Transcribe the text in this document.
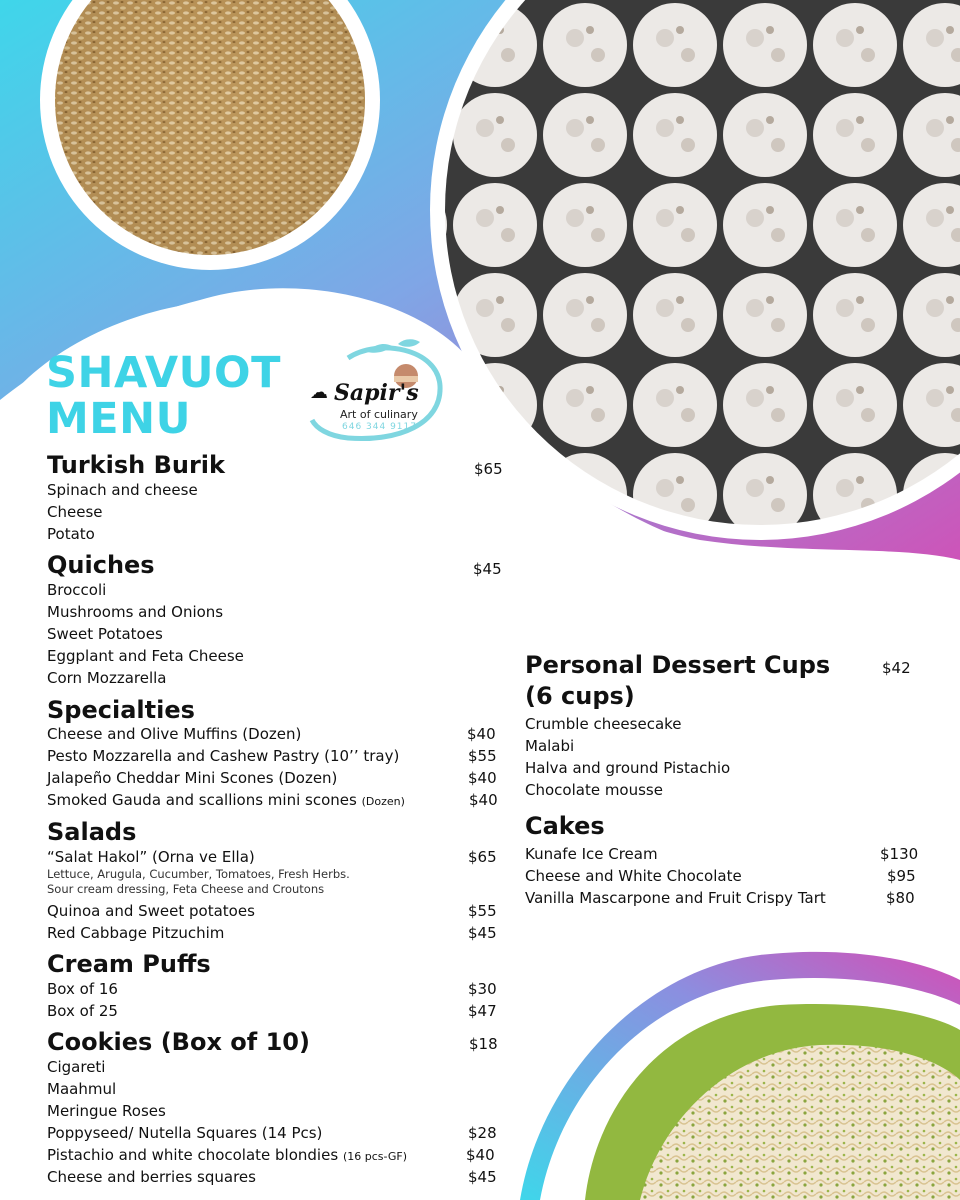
SHAVUOT
MENU
☁ Sapir's
Art of culinary
646 344 9117
Turkish Burik	$65
Spinach and cheese
Cheese
Potato
Quiches	$45
Broccoli
Mushrooms and Onions
Sweet Potatoes
Eggplant and Feta Cheese
Corn Mozzarella
Specialties
Cheese and Olive Muffins (Dozen)	$40
Pesto Mozzarella and Cashew Pastry (10’’ tray)	$55
Jalapeño Cheddar Mini Scones (Dozen)	$40
Smoked Gauda and scallions mini scones (Dozen)	$40
Salads
“Salat Hakol” (Orna ve Ella)	$65
Lettuce, Arugula, Cucumber, Tomatoes, Fresh Herbs.
Sour cream dressing, Feta Cheese and Croutons
Quinoa and Sweet potatoes	$55
Red Cabbage Pitzuchim	$45
Cream Puffs
Box of 16	$30
Box of 25	$47
Cookies (Box of 10)	$18
Cigareti
Maahmul
Meringue Roses
Poppyseed/ Nutella Squares (14 Pcs)	$28
Pistachio and white chocolate blondies (16 pcs-GF)	$40
Cheese and berries squares	$45
Personal Dessert Cups
(6 cups)
$42
Crumble cheesecake
Malabi
Halva and ground Pistachio
Chocolate mousse
Cakes
Kunafe Ice Cream	$130
Cheese and White Chocolate	$95
Vanilla Mascarpone and Fruit Crispy Tart	$80
